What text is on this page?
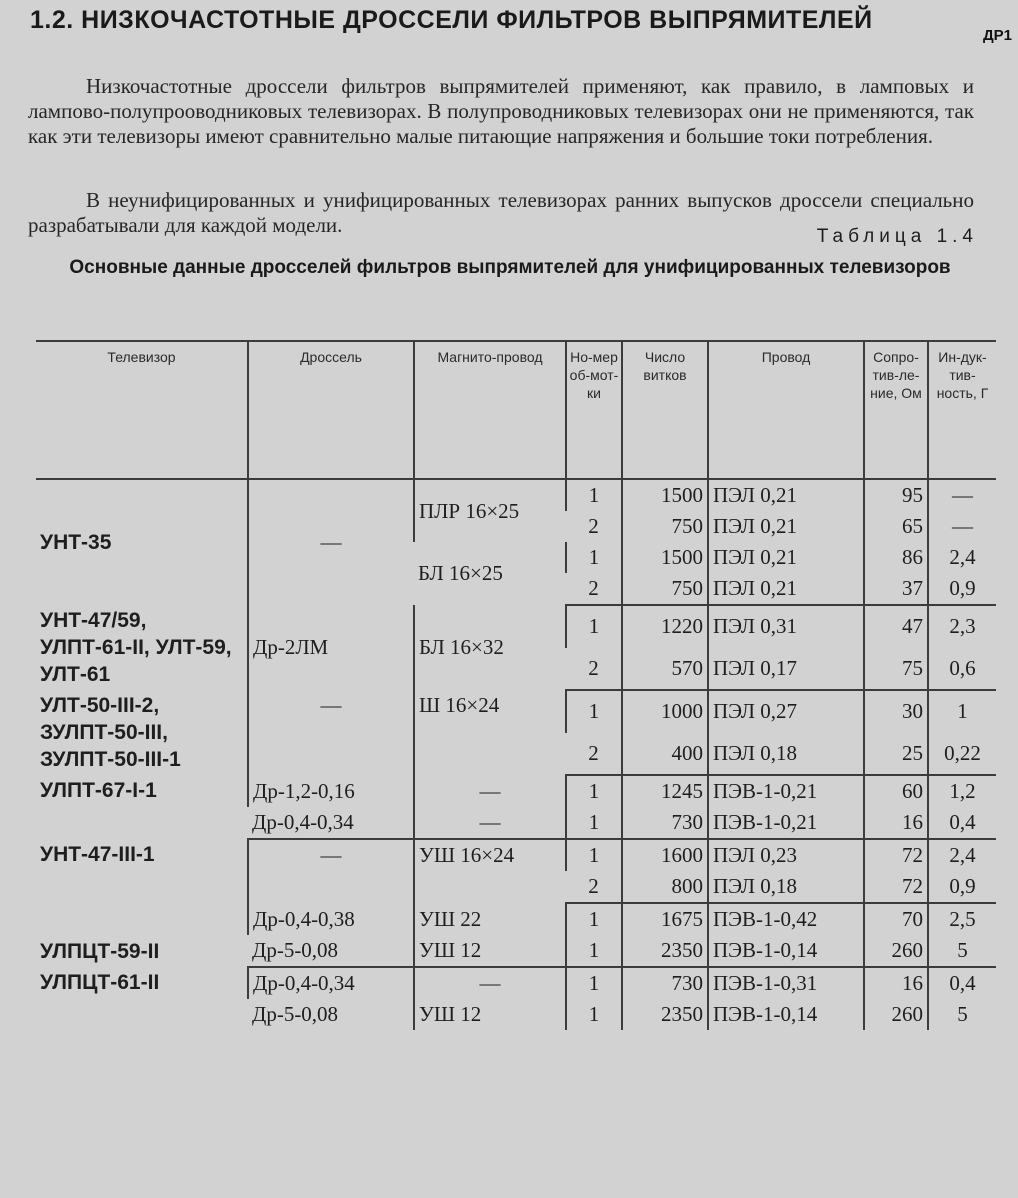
1.2. НИЗКОЧАСТОТНЫЕ ДРОССЕЛИ ФИЛЬТРОВ ВЫПРЯМИТЕЛЕЙ
ДР1
Низкочастотные дроссели фильтров выпрямителей применяют, как правило, в ламповых и лампово-полупрооводниковых телевизорах. В полупроводниковых телевизорах они не применяются, так как эти телевизоры имеют сравнительно малые питающие напряжения и большие токи потребления.
В неунифицированных и унифицированных телевизорах ранних выпусков дроссели специально разрабатывали для каждой модели.	Таблица 1.4
Основные данные дросселей фильтров выпрямителей для унифицированных телевизоров
Телевизор	Дроссель	Магнито-провод	Но-мер об-мот-ки	Число витков	Провод	Сопро-тив-ле-ние, Ом	Ин-дук-тив-ность, Г
УНТ-35	—	ПЛР 16×25	1	1500	ПЭЛ 0,21	95	—
			2	750	ПЭЛ 0,21	65	—
		БЛ 16×25	1	1500	ПЭЛ 0,21	86	2,4
			2	750	ПЭЛ 0,21	37	0,9
УНТ-47/59, УЛПТ-61-II, УЛТ-59, УЛТ-61	Др-2ЛМ	БЛ 16×32	1	1220	ПЭЛ 0,31	47	2,3
			2	570	ПЭЛ 0,17	75	0,6
УЛТ-50-III-2, ЗУЛПТ-50-III, ЗУЛПТ-50-III-1	—	Ш 16×24	1	1000	ПЭЛ 0,27	30	1
			2	400	ПЭЛ 0,18	25	0,22
УЛПТ-67-I-1	Др-1,2-0,16	—	1	1245	ПЭВ-1-0,21	60	1,2
	Др-0,4-0,34	—	1	730	ПЭВ-1-0,21	16	0,4
УНТ-47-III-1	—	УШ 16×24	1	1600	ПЭЛ 0,23	72	2,4
			2	800	ПЭЛ 0,18	72	0,9
УЛПЦТ-59-II	Др-0,4-0,38	УШ 22	1	1675	ПЭВ-1-0,42	70	2,5
	Др-5-0,08	УШ 12	1	2350	ПЭВ-1-0,14	260	5
УЛПЦТ-61-II	Др-0,4-0,34	—	1	730	ПЭВ-1-0,31	16	0,4
	Др-5-0,08	УШ 12	1	2350	ПЭВ-1-0,14	260	5
